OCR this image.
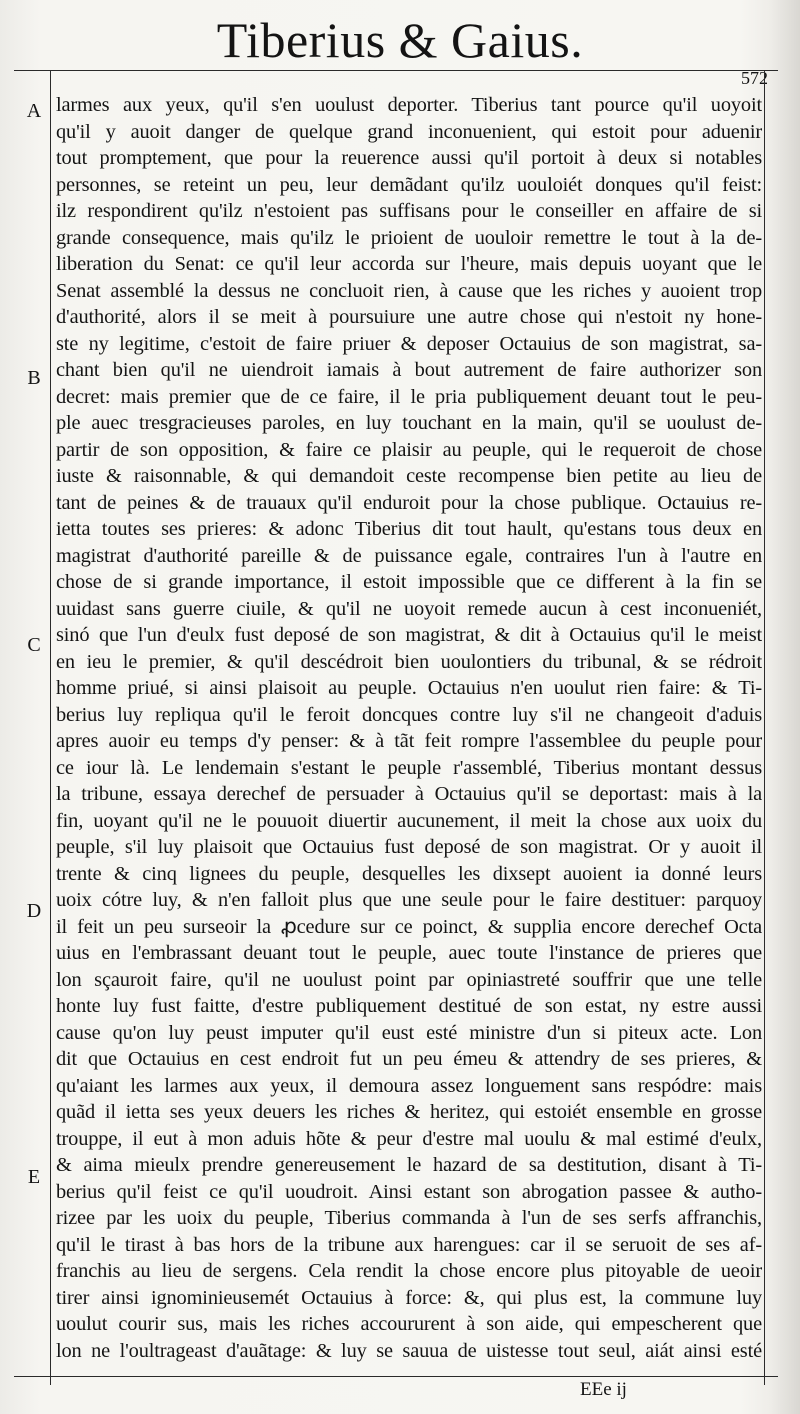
Tiberius & Gaius.
572
A
B
C
D
E
larmes aux yeux, qu'il s'en uoulust deporter. Tiberius tant pource qu'il uoyoit
qu'il y auoit danger de quelque grand inconuenient, qui estoit pour aduenir
tout promptement, que pour la reuerence aussi qu'il portoit à deux si notables
personnes, se reteint un peu, leur demãdant qu'ilz uouloiét donques qu'il feist:
ilz respondirent qu'ilz n'estoient pas suffisans pour le conseiller en affaire de si
grande consequence, mais qu'ilz le prioient de uouloir remettre le tout à la de-
liberation du Senat: ce qu'il leur accorda sur l'heure, mais depuis uoyant que le
Senat assemblé la dessus ne concluoit rien, à cause que les riches y auoient trop
d'authorité, alors il se meit à poursuiure une autre chose qui n'estoit ny hone-
ste ny legitime, c'estoit de faire priuer & deposer Octauius de son magistrat, sa-
chant bien qu'il ne uiendroit iamais à bout autrement de faire authorizer son
decret: mais premier que de ce faire, il le pria publiquement deuant tout le peu-
ple auec tresgracieuses paroles, en luy touchant en la main, qu'il se uoulust de-
partir de son opposition, & faire ce plaisir au peuple, qui le requeroit de chose
iuste & raisonnable, & qui demandoit ceste recompense bien petite au lieu de
tant de peines & de trauaux qu'il enduroit pour la chose publique. Octauius re-
ietta toutes ses prieres: & adonc Tiberius dit tout hault, qu'estans tous deux en
magistrat d'authorité pareille & de puissance egale, contraires l'un à l'autre en
chose de si grande importance, il estoit impossible que ce different à la fin se
uuidast sans guerre ciuile, & qu'il ne uoyoit remede aucun à cest inconueniét,
sinó que l'un d'eulx fust deposé de son magistrat, & dit à Octauius qu'il le meist
en ieu le premier, & qu'il descédroit bien uoulontiers du tribunal, & se rédroit
homme priué, si ainsi plaisoit au peuple. Octauius n'en uoulut rien faire: & Ti-
berius luy repliqua qu'il le feroit doncques contre luy s'il ne changeoit d'aduis
apres auoir eu temps d'y penser: & à tãt feit rompre l'assemblee du peuple pour
ce iour là. Le lendemain s'estant le peuple r'assemblé, Tiberius montant dessus
la tribune, essaya derechef de persuader à Octauius qu'il se deportast: mais à la
fin, uoyant qu'il ne le pouuoit diuertir aucunement, il meit la chose aux uoix du
peuple, s'il luy plaisoit que Octauius fust deposé de son magistrat. Or y auoit il
trente & cinq lignees du peuple, desquelles les dixsept auoient ia donné leurs
uoix cótre luy, & n'en falloit plus que une seule pour le faire destituer: parquoy
il feit un peu surseoir la ꝓcedure sur ce poinct, & supplia encore derechef Octa
uius en l'embrassant deuant tout le peuple, auec toute l'instance de prieres que
lon sçauroit faire, qu'il ne uoulust point par opiniastreté souffrir que une telle
honte luy fust faitte, d'estre publiquement destitué de son estat, ny estre aussi
cause qu'on luy peust imputer qu'il eust esté ministre d'un si piteux acte. Lon
dit que Octauius en cest endroit fut un peu émeu & attendry de ses prieres, &
qu'aiant les larmes aux yeux, il demoura assez longuement sans respódre: mais
quãd il ietta ses yeux deuers les riches & heritez, qui estoiét ensemble en grosse
trouppe, il eut à mon aduis hõte & peur d'estre mal uoulu & mal estimé d'eulx,
& aima mieulx prendre genereusement le hazard de sa destitution, disant à Ti-
berius qu'il feist ce qu'il uoudroit. Ainsi estant son abrogation passee & autho-
rizee par les uoix du peuple, Tiberius commanda à l'un de ses serfs affranchis,
qu'il le tirast à bas hors de la tribune aux harengues: car il se seruoit de ses af-
franchis au lieu de sergens. Cela rendit la chose encore plus pitoyable de ueoir
tirer ainsi ignominieusemét Octauius à force: &, qui plus est, la commune luy
uoulut courir sus, mais les riches accoururent à son aide, qui empescherent que
lon ne l'oultrageast d'auãtage: & luy se sauua de uistesse tout seul, aiát ainsi esté
EEe ij
